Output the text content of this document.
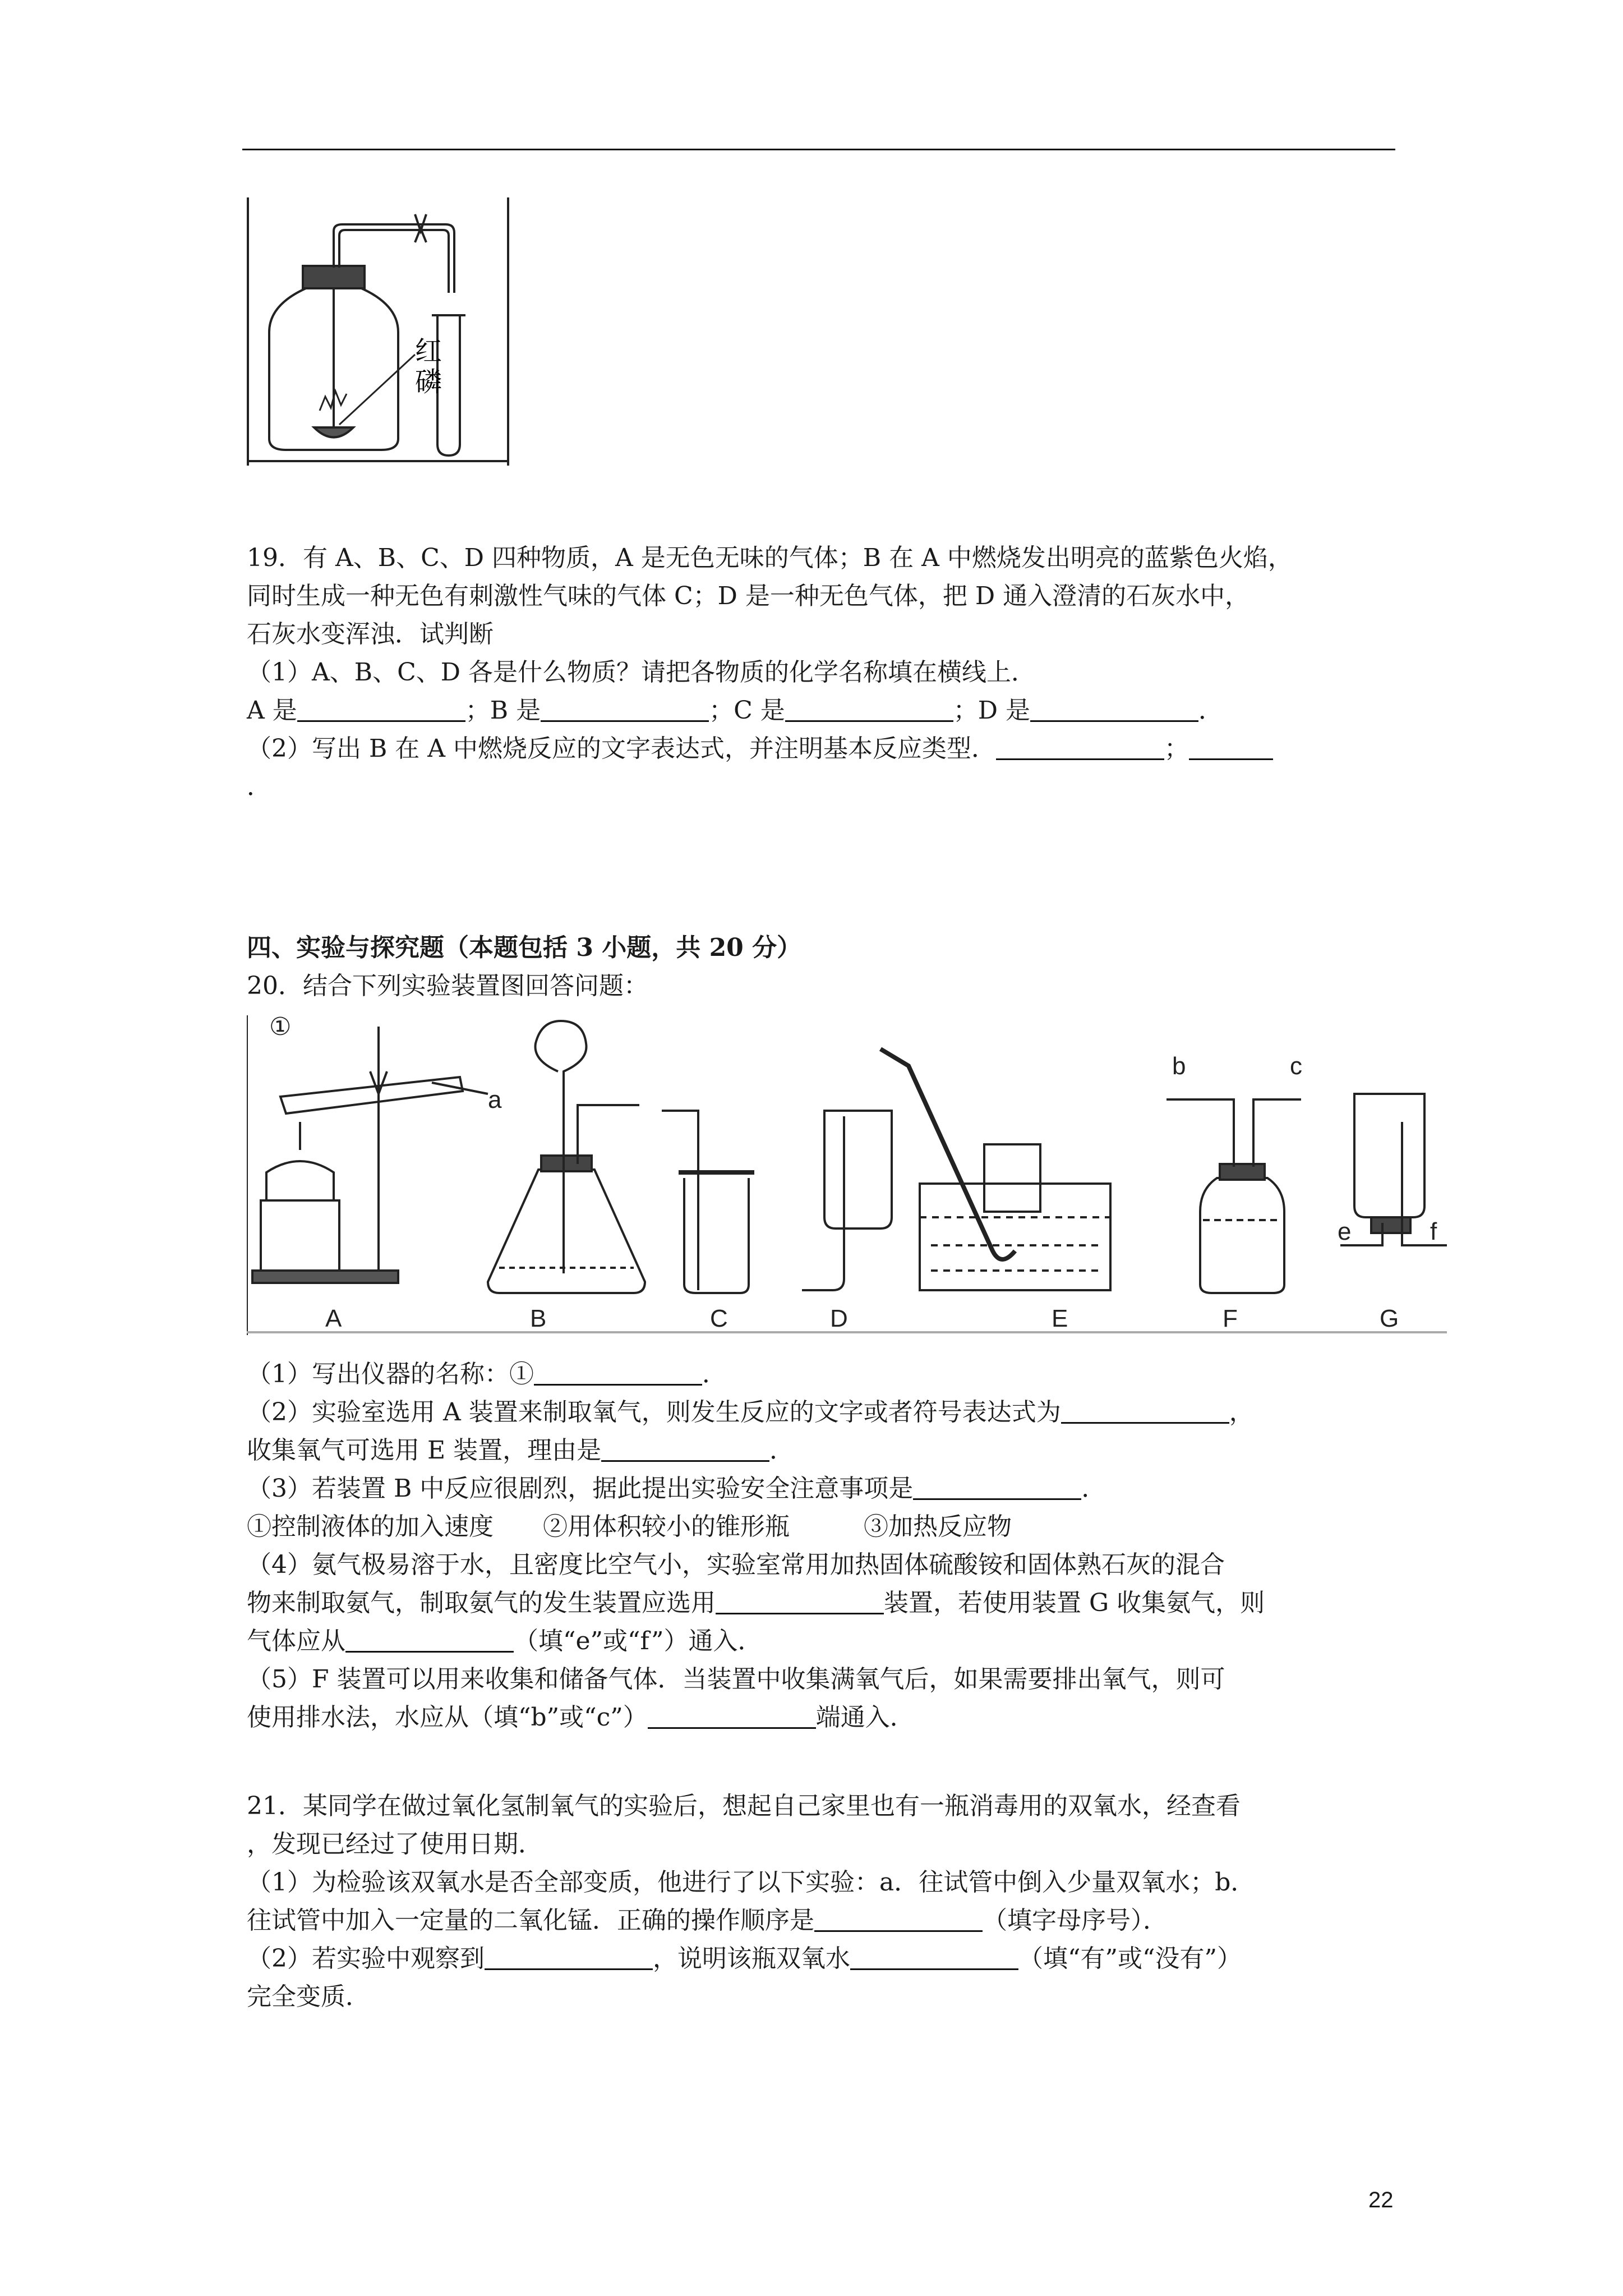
红
磷
19．有 A、B、C、D 四种物质，A 是无色无味的气体；B 在 A 中燃烧发出明亮的蓝紫色火焰，
同时生成一种无色有刺激性气味的气体 C；D 是一种无色气体，把 D 通入澄清的石灰水中，
石灰水变浑浊．试判断
（1）A、B、C、D 各是什么物质？请把各物质的化学名称填在横线上．
A 是	；B 是	；C 是	；D 是	．
（2）写出 B 在 A 中燃烧反应的文字表达式，并注明基本反应类型．	；
．
四、实验与探究题（本题包括 3 小题，共 20 分）
20．结合下列实验装置图回答问题：
①
a
b	c
e	f
A	B	C	D	E	F	G
（1）写出仪器的名称：①	．
（2）实验室选用 A 装置来制取氧气，则发生反应的文字或者符号表达式为	，
收集氧气可选用 E 装置，理由是	．
（3）若装置 B 中反应很剧烈，据此提出实验安全注意事项是	．
①控制液体的加入速度　　②用体积较小的锥形瓶　　　③加热反应物
（4）氨气极易溶于水，且密度比空气小，实验室常用加热固体硫酸铵和固体熟石灰的混合
物来制取氨气，制取氨气的发生装置应选用	装置，若使用装置 G 收集氨气，则
气体应从	（填“e”或“f”）通入．
（5）F 装置可以用来收集和储备气体．当装置中收集满氧气后，如果需要排出氧气，则可
使用排水法，水应从（填“b”或“c”）	端通入．
21．某同学在做过氧化氢制氧气的实验后，想起自己家里也有一瓶消毒用的双氧水，经查看
，发现已经过了使用日期．
（1）为检验该双氧水是否全部变质，他进行了以下实验：a．往试管中倒入少量双氧水；b．
往试管中加入一定量的二氧化锰．正确的操作顺序是	（填字母序号）．
（2）若实验中观察到	，说明该瓶双氧水	（填“有”或“没有”）
完全变质．
22
